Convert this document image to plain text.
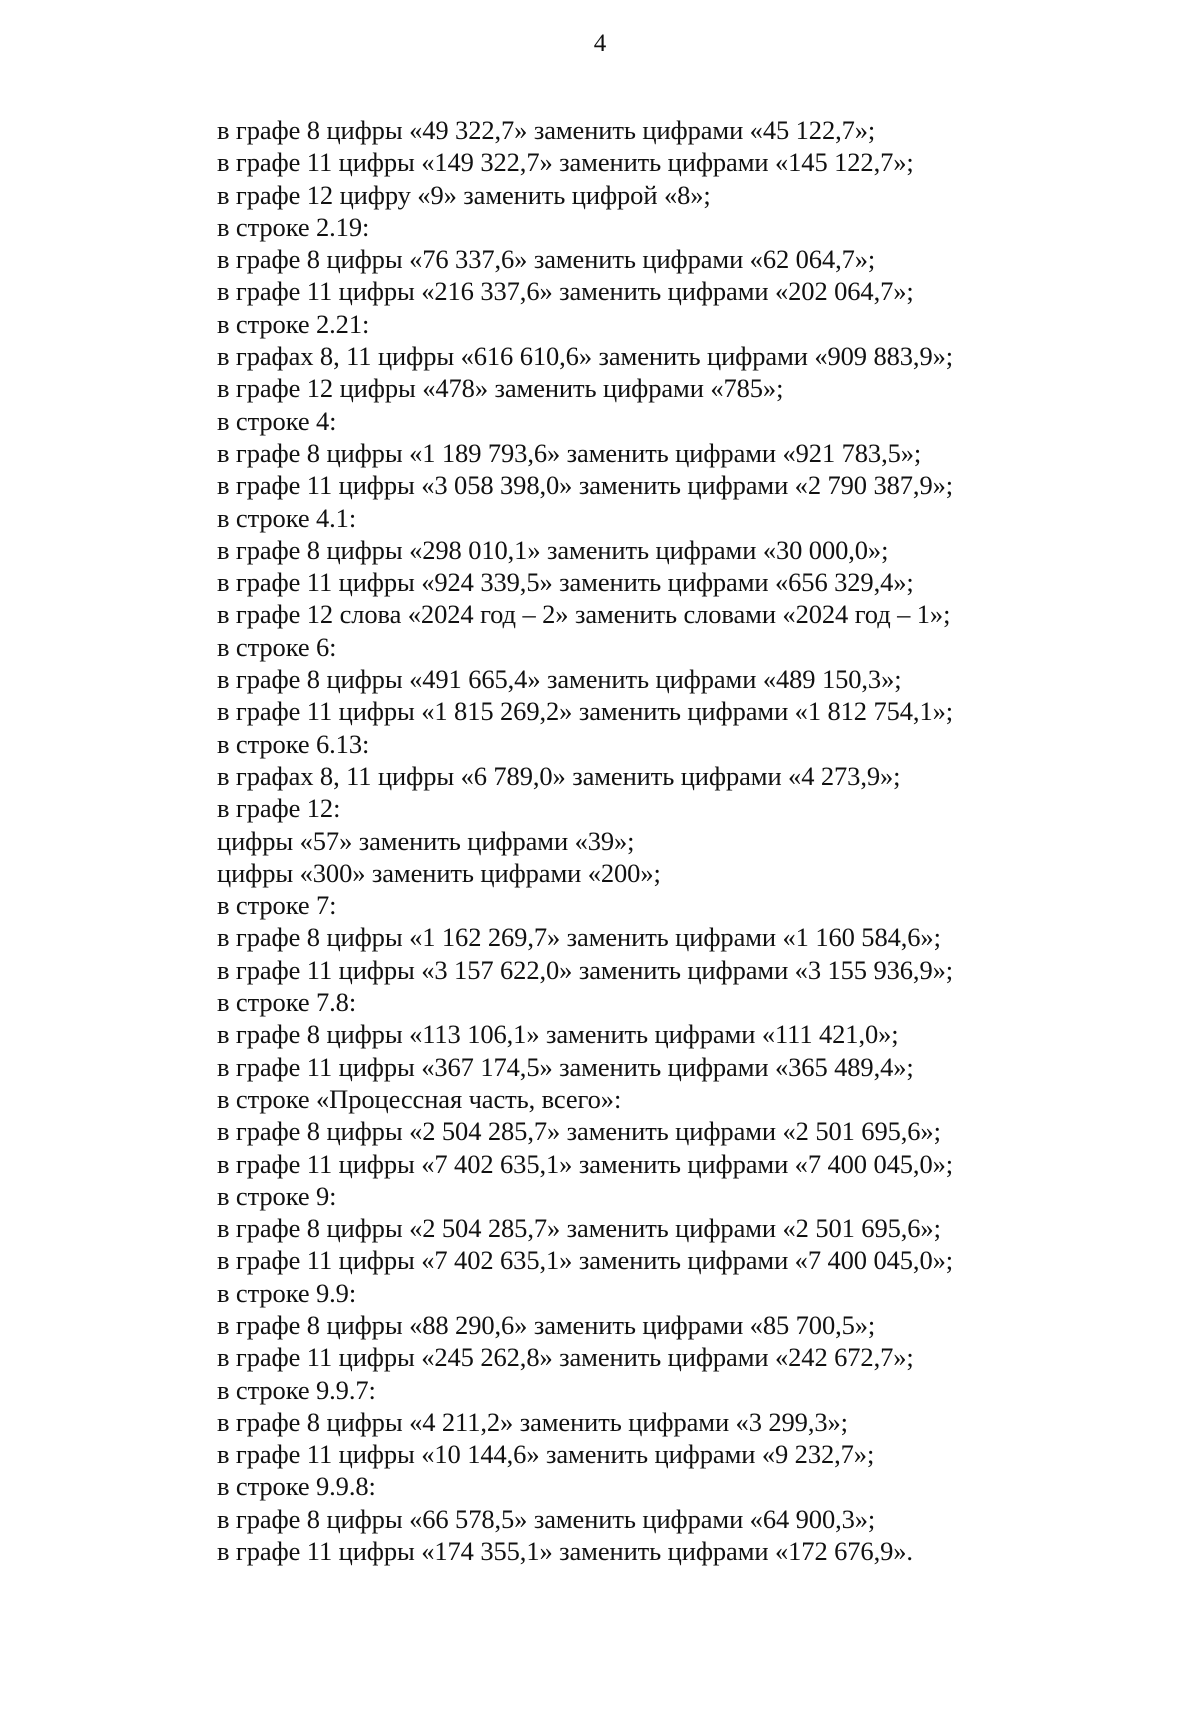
4
в графе 8 цифры «49 322,7» заменить цифрами «45 122,7»;
в графе 11 цифры «149 322,7» заменить цифрами «145 122,7»;
в графе 12 цифру «9» заменить цифрой «8»;
в строке 2.19:
в графе 8 цифры «76 337,6» заменить цифрами «62 064,7»;
в графе 11 цифры «216 337,6» заменить цифрами «202 064,7»;
в строке 2.21:
в графах 8, 11 цифры «616 610,6» заменить цифрами «909 883,9»;
в графе 12 цифры «478» заменить цифрами «785»;
в строке 4:
в графе 8 цифры «1 189 793,6» заменить цифрами «921 783,5»;
в графе 11 цифры «3 058 398,0» заменить цифрами «2 790 387,9»;
в строке 4.1:
в графе 8 цифры «298 010,1» заменить цифрами «30 000,0»;
в графе 11 цифры «924 339,5» заменить цифрами «656 329,4»;
в графе 12 слова «2024 год – 2» заменить словами «2024 год – 1»;
в строке 6:
в графе 8 цифры «491 665,4» заменить цифрами «489 150,3»;
в графе 11 цифры «1 815 269,2» заменить цифрами «1 812 754,1»;
в строке 6.13:
в графах 8, 11 цифры «6 789,0» заменить цифрами «4 273,9»;
в графе 12:
цифры «57» заменить цифрами «39»;
цифры «300» заменить цифрами «200»;
в строке 7:
в графе 8 цифры «1 162 269,7» заменить цифрами «1 160 584,6»;
в графе 11 цифры «3 157 622,0» заменить цифрами «3 155 936,9»;
в строке 7.8:
в графе 8 цифры «113 106,1» заменить цифрами «111 421,0»;
в графе 11 цифры «367 174,5» заменить цифрами «365 489,4»;
в строке «Процессная часть, всего»:
в графе 8 цифры «2 504 285,7» заменить цифрами «2 501 695,6»;
в графе 11 цифры «7 402 635,1» заменить цифрами «7 400 045,0»;
в строке 9:
в графе 8 цифры «2 504 285,7» заменить цифрами «2 501 695,6»;
в графе 11 цифры «7 402 635,1» заменить цифрами «7 400 045,0»;
в строке 9.9:
в графе 8 цифры «88 290,6» заменить цифрами «85 700,5»;
в графе 11 цифры «245 262,8» заменить цифрами «242 672,7»;
в строке 9.9.7:
в графе 8 цифры «4 211,2» заменить цифрами «3 299,3»;
в графе 11 цифры «10 144,6» заменить цифрами «9 232,7»;
в строке 9.9.8:
в графе 8 цифры «66 578,5» заменить цифрами «64 900,3»;
в графе 11 цифры «174 355,1» заменить цифрами «172 676,9».
